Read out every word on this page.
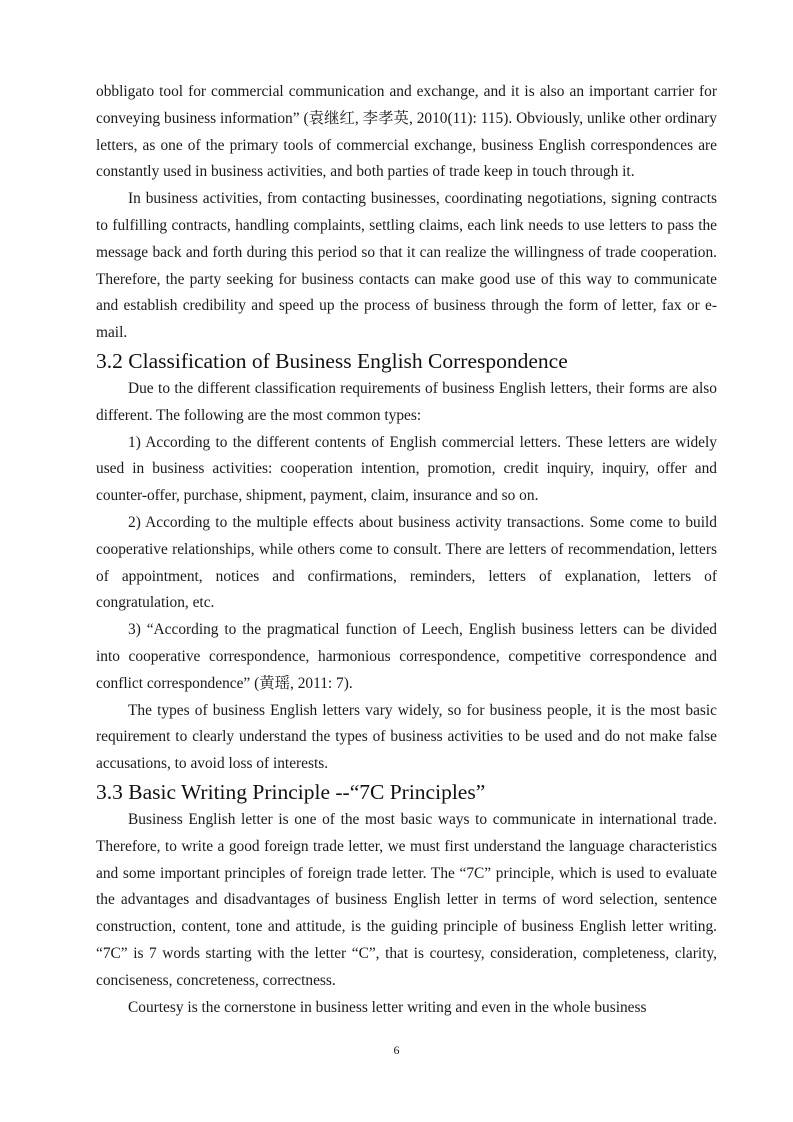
obbligato tool for commercial communication and exchange, and it is also an important carrier for conveying business information” (袁继红, 李孝英, 2010(11): 115). Obviously, unlike other ordinary letters, as one of the primary tools of commercial exchange, business English correspondences are constantly used in business activities, and both parties of trade keep in touch through it.

In business activities, from contacting businesses, coordinating negotiations, signing contracts to fulfilling contracts, handling complaints, settling claims, each link needs to use letters to pass the message back and forth during this period so that it can realize the willingness of trade cooperation. Therefore, the party seeking for business contacts can make good use of this way to communicate and establish credibility and speed up the process of business through the form of letter, fax or e-mail.

3.2 Classification of Business English Correspondence

Due to the different classification requirements of business English letters, their forms are also different. The following are the most common types:

1) According to the different contents of English commercial letters. These letters are widely used in business activities: cooperation intention, promotion, credit inquiry, inquiry, offer and counter-offer, purchase, shipment, payment, claim, insurance and so on.

2) According to the multiple effects about business activity transactions. Some come to build cooperative relationships, while others come to consult. There are letters of recommendation, letters of appointment, notices and confirmations, reminders, letters of explanation, letters of congratulation, etc.

3) “According to the pragmatical function of Leech, English business letters can be divided into cooperative correspondence, harmonious correspondence, competitive correspondence and conflict correspondence” (黄瑶, 2011: 7).

The types of business English letters vary widely, so for business people, it is the most basic requirement to clearly understand the types of business activities to be used and do not make false accusations, to avoid loss of interests.

3.3 Basic Writing Principle --“7C Principles”

Business English letter is one of the most basic ways to communicate in international trade. Therefore, to write a good foreign trade letter, we must first understand the language characteristics and some important principles of foreign trade letter. The “7C” principle, which is used to evaluate the advantages and disadvantages of business English letter in terms of word selection, sentence construction, content, tone and attitude, is the guiding principle of business English letter writing. “7C” is 7 words starting with the letter “C”, that is courtesy, consideration, completeness, clarity, conciseness, concreteness, correctness.

Courtesy is the cornerstone in business letter writing and even in the whole business

6
